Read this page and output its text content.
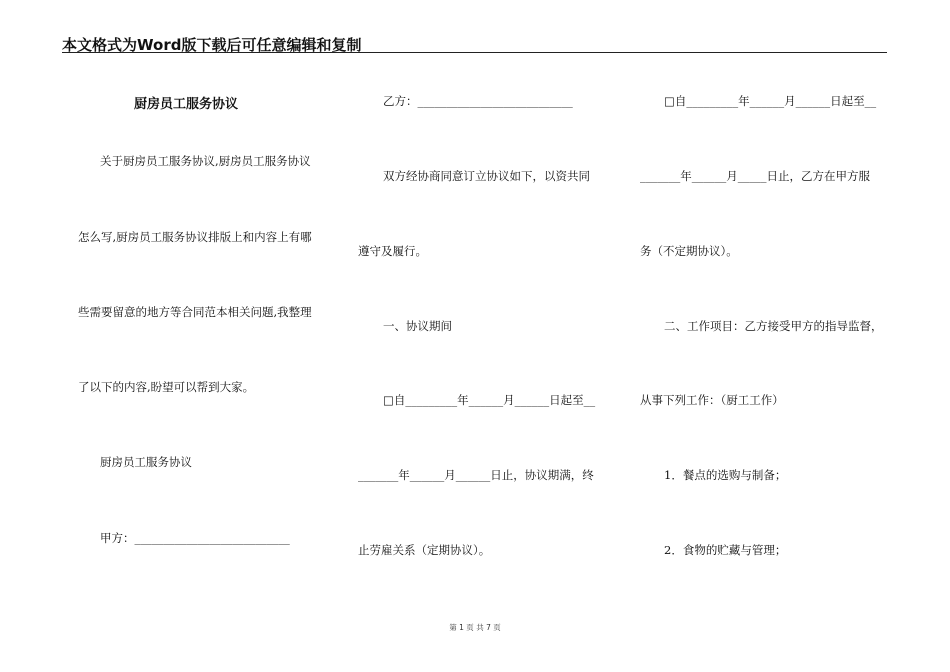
本文格式为Word版下载后可任意编辑和复制
厨房员工服务协议
关于厨房员工服务协议,厨房员工服务协议
怎么写,厨房员工服务协议排版上和内容上有哪
些需要留意的地方等合同范本相关问题,我整理
了以下的内容,盼望可以帮到大家。
厨房员工服务协议
甲方：___________________________
乙方：___________________________
双方经协商同意订立协议如下，以资共同
遵守及履行。
一、协议期间
□自_________年______月______日起至__
_______年______月______日止，协议期满，终
止劳雇关系（定期协议）。
□自_________年______月______日起至__
_______年______月_____日止，乙方在甲方服
务（不定期协议）。
二、工作项目：乙方接受甲方的指导监督，
从事下列工作：（厨工工作）
1．餐点的选购与制备；
2．食物的贮藏与管理；
第 1 页 共 7 页
